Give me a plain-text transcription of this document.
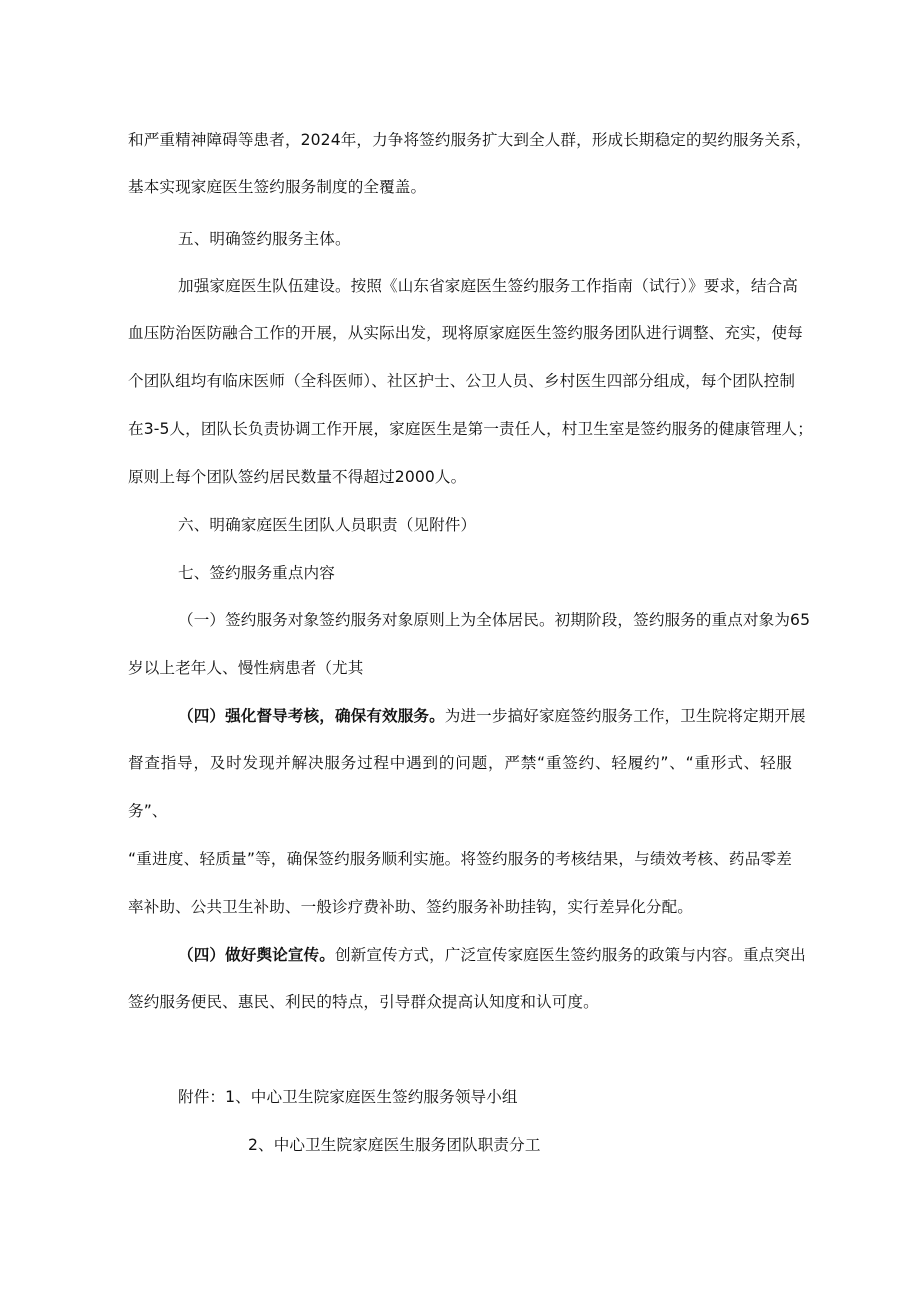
和严重精神障碍等患者，2024年，力争将签约服务扩大到全人群，形成长期稳定的契约服务关系，
基本实现家庭医生签约服务制度的全覆盖。
五、明确签约服务主体。
加强家庭医生队伍建设。按照《山东省家庭医生签约服务工作指南（试行）》要求，结合高
血压防治医防融合工作的开展，从实际出发，现将原家庭医生签约服务团队进行调整、充实，使每
个团队组均有临床医师（全科医师）、社区护士、公卫人员、乡村医生四部分组成，每个团队控制
在3-5人，团队长负责协调工作开展，家庭医生是第一责任人，村卫生室是签约服务的健康管理人；
原则上每个团队签约居民数量不得超过2000人。
六、明确家庭医生团队人员职责（见附件）
七、签约服务重点内容
（一）签约服务对象签约服务对象原则上为全体居民。初期阶段，签约服务的重点对象为65
岁以上老年人、慢性病患者（尤其
（四）强化督导考核，确保有效服务。为进一步搞好家庭签约服务工作，卫生院将定期开展
督查指导，及时发现并解决服务过程中遇到的问题，严禁“重签约、轻履约”、“重形式、轻服
务”、
“重进度、轻质量”等，确保签约服务顺利实施。将签约服务的考核结果，与绩效考核、药品零差
率补助、公共卫生补助、一般诊疗费补助、签约服务补助挂钩，实行差异化分配。
（四）做好舆论宣传。创新宣传方式，广泛宣传家庭医生签约服务的政策与内容。重点突出
签约服务便民、惠民、利民的特点，引导群众提高认知度和认可度。
附件：1、中心卫生院家庭医生签约服务领导小组
2、中心卫生院家庭医生服务团队职责分工
